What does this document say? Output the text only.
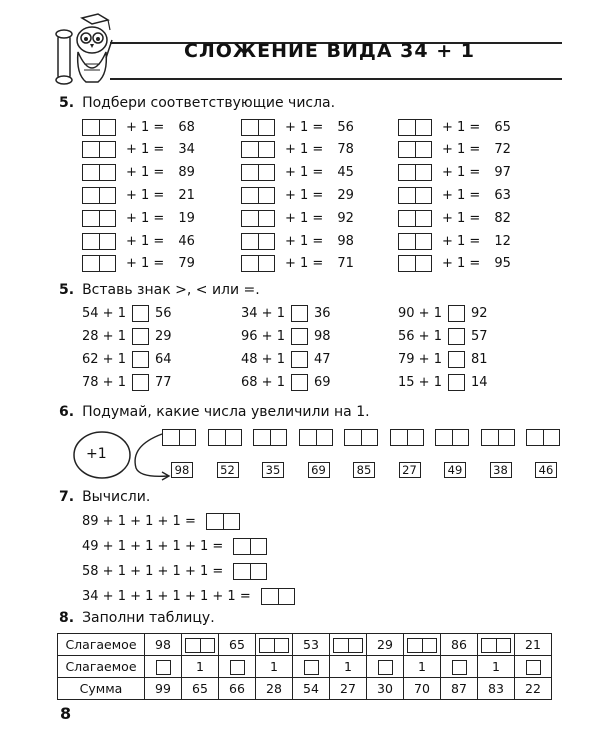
СЛОЖЕНИЕ ВИДА 34 + 1
5. Подбери соответствующие числа.
+ 1 = 68
+ 1 = 34
+ 1 = 89
+ 1 = 21
+ 1 = 19
+ 1 = 46
+ 1 = 79
+ 1 = 56
+ 1 = 78
+ 1 = 45
+ 1 = 29
+ 1 = 92
+ 1 = 98
+ 1 = 71
+ 1 = 65
+ 1 = 72
+ 1 = 97
+ 1 = 63
+ 1 = 82
+ 1 = 12
+ 1 = 95
5. Вставь знак >, < или =.
54 + 1 56
28 + 1 29
62 + 1 64
78 + 1 77
34 + 1 36
96 + 1 98
48 + 1 47
68 + 1 69
90 + 1 92
56 + 1 57
79 + 1 81
15 + 1 14
6. Подумай, какие числа увеличили на 1.
+1
98	52	35	69	85	27	49	38	46
7. Вычисли.
89 + 1 + 1 + 1 =
49 + 1 + 1 + 1 + 1 =
58 + 1 + 1 + 1 + 1 =
34 + 1 + 1 + 1 + 1 + 1 =
8. Заполни таблицу.
Слагаемое	98		65		53		29		86		21
Слагаемое		1		1		1		1		1	
Сумма	99	65	66	28	54	27	30	70	87	83	22
8
